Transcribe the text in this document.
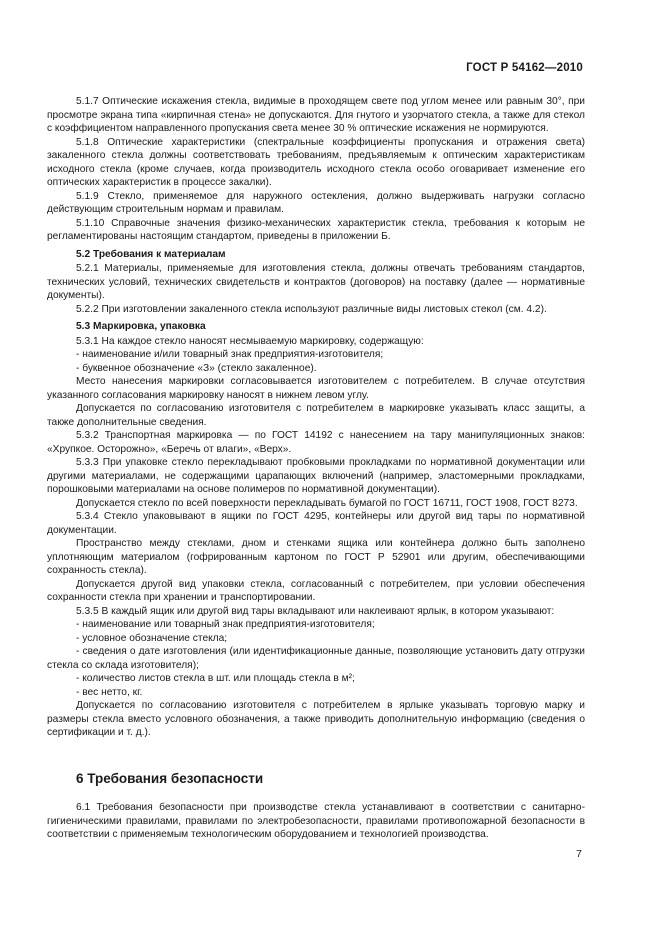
ГОСТ Р 54162—2010

5.1.7 Оптические искажения стекла, видимые в проходящем свете под углом менее или равным 30°, при просмотре экрана типа «кирпичная стена» не допускаются. Для гнутого и узорчатого стекла, а также для стекол с коэффициентом направленного пропускания света менее 30 % оптические искажения не нормируются.

5.1.8 Оптические характеристики (спектральные коэффициенты пропускания и отражения света) закаленного стекла должны соответствовать требованиям, предъявляемым к оптическим характеристикам исходного стекла (кроме случаев, когда производитель исходного стекла особо оговаривает изменение его оптических характеристик в процессе закалки).

5.1.9 Стекло, применяемое для наружного остекления, должно выдерживать нагрузки согласно действующим строительным нормам и правилам.

5.1.10 Справочные значения физико-механических характеристик стекла, требования к которым не регламентированы настоящим стандартом, приведены в приложении Б.

5.2 Требования к материалам

5.2.1 Материалы, применяемые для изготовления стекла, должны отвечать требованиям стандартов, технических условий, технических свидетельств и контрактов (договоров) на поставку (далее — нормативные документы).

5.2.2 При изготовлении закаленного стекла используют различные виды листовых стекол (см. 4.2).

5.3 Маркировка, упаковка

5.3.1 На каждое стекло наносят несмываемую маркировку, содержащую:

- наименование и/или товарный знак предприятия-изготовителя;

- буквенное обозначение «З» (стекло закаленное).

Место нанесения маркировки согласовывается изготовителем с потребителем. В случае отсутствия указанного согласования маркировку наносят в нижнем левом углу.

Допускается по согласованию изготовителя с потребителем в маркировке указывать класс защиты, а также дополнительные сведения.

5.3.2 Транспортная маркировка — по ГОСТ 14192 с нанесением на тару манипуляционных знаков: «Хрупкое. Осторожно», «Беречь от влаги», «Верх».

5.3.3 При упаковке стекло перекладывают пробковыми прокладками по нормативной документации или другими материалами, не содержащими царапающих включений (например, эластомерными прокладками, порошковыми материалами на основе полимеров по нормативной документации).

Допускается стекло по всей поверхности перекладывать бумагой по ГОСТ 16711, ГОСТ 1908, ГОСТ 8273.

5.3.4 Стекло упаковывают в ящики по ГОСТ 4295, контейнеры или другой вид тары по нормативной документации.

Пространство между стеклами, дном и стенками ящика или контейнера должно быть заполнено уплотняющим материалом (гофрированным картоном по ГОСТ Р 52901 или другим, обеспечивающими сохранность стекла).

Допускается другой вид упаковки стекла, согласованный с потребителем, при условии обеспечения сохранности стекла при хранении и транспортировании.

5.3.5 В каждый ящик или другой вид тары вкладывают или наклеивают ярлык, в котором указывают:

- наименование или товарный знак предприятия-изготовителя;

- условное обозначение стекла;

- сведения о дате изготовления (или идентификационные данные, позволяющие установить дату отгрузки стекла со склада изготовителя);

- количество листов стекла в шт. или площадь стекла в м²;

- вес нетто, кг.

Допускается по согласованию изготовителя с потребителем в ярлыке указывать торговую марку и размеры стекла вместо условного обозначения, а также приводить дополнительную информацию (сведения о сертификации и т. д.).

6 Требования безопасности

6.1 Требования безопасности при производстве стекла устанавливают в соответствии с санитарно-гигиеническими правилами, правилами по электробезопасности, правилами противопожарной безопасности в соответствии с применяемым технологическим оборудованием и технологией производства.

7
